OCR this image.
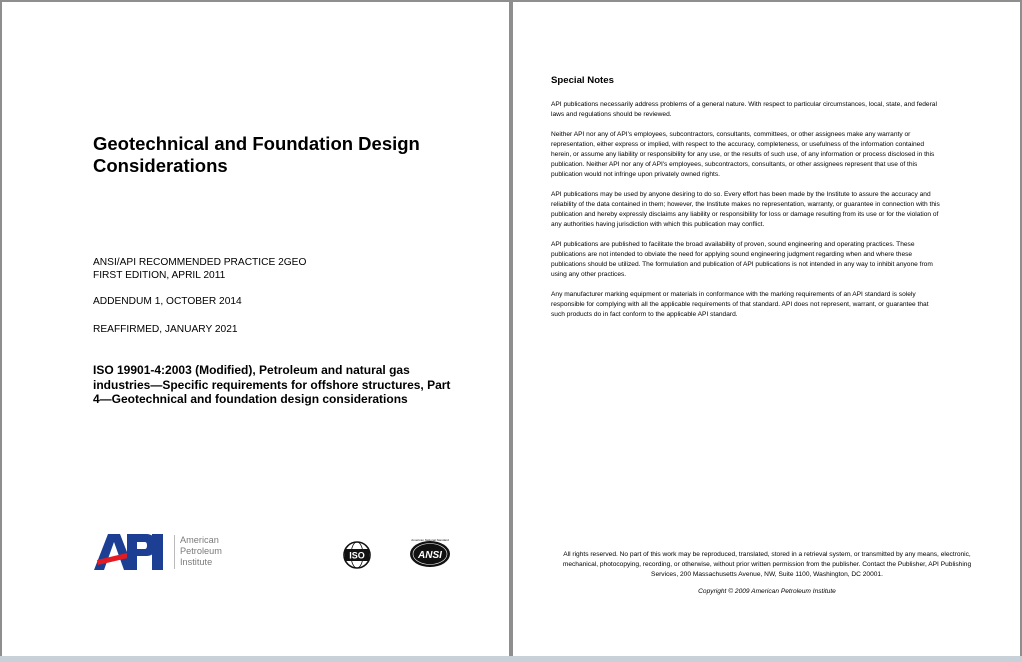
Geotechnical and Foundation Design Considerations
ANSI/API RECOMMENDED PRACTICE 2GEO
FIRST EDITION, APRIL 2011
ADDENDUM 1, OCTOBER 2014
REAFFIRMED, JANUARY 2021
ISO 19901-4:2003 (Modified), Petroleum and natural gas industries—Specific requirements for offshore structures, Part 4—Geotechnical and foundation design considerations
API
American
Petroleum
Institute
ISO	ANSI
American National Standard
Special Notes

API publications necessarily address problems of a general nature. With respect to particular circumstances, local, state, and federal laws and regulations should be reviewed.

Neither API nor any of API's employees, subcontractors, consultants, committees, or other assignees make any warranty or representation, either express or implied, with respect to the accuracy, completeness, or usefulness of the information contained herein, or assume any liability or responsibility for any use, or the results of such use, of any information or process disclosed in this publication. Neither API nor any of API's employees, subcontractors, consultants, or other assignees represent that use of this publication would not infringe upon privately owned rights.

API publications may be used by anyone desiring to do so. Every effort has been made by the Institute to assure the accuracy and reliability of the data contained in them; however, the Institute makes no representation, warranty, or guarantee in connection with this publication and hereby expressly disclaims any liability or responsibility for loss or damage resulting from its use or for the violation of any authorities having jurisdiction with which this publication may conflict.

API publications are published to facilitate the broad availability of proven, sound engineering and operating practices. These publications are not intended to obviate the need for applying sound engineering judgment regarding when and where these publications should be utilized. The formulation and publication of API publications is not intended in any way to inhibit anyone from using any other practices.

Any manufacturer marking equipment or materials in conformance with the marking requirements of an API standard is solely responsible for complying with all the applicable requirements of that standard. API does not represent, warrant, or guarantee that such products do in fact conform to the applicable API standard.

All rights reserved. No part of this work may be reproduced, translated, stored in a retrieval system, or transmitted by any means, electronic, mechanical, photocopying, recording, or otherwise, without prior written permission from the publisher. Contact the Publisher, API Publishing Services, 200 Massachusetts Avenue, NW, Suite 1100, Washington, DC 20001.
Copyright © 2009 American Petroleum Institute
